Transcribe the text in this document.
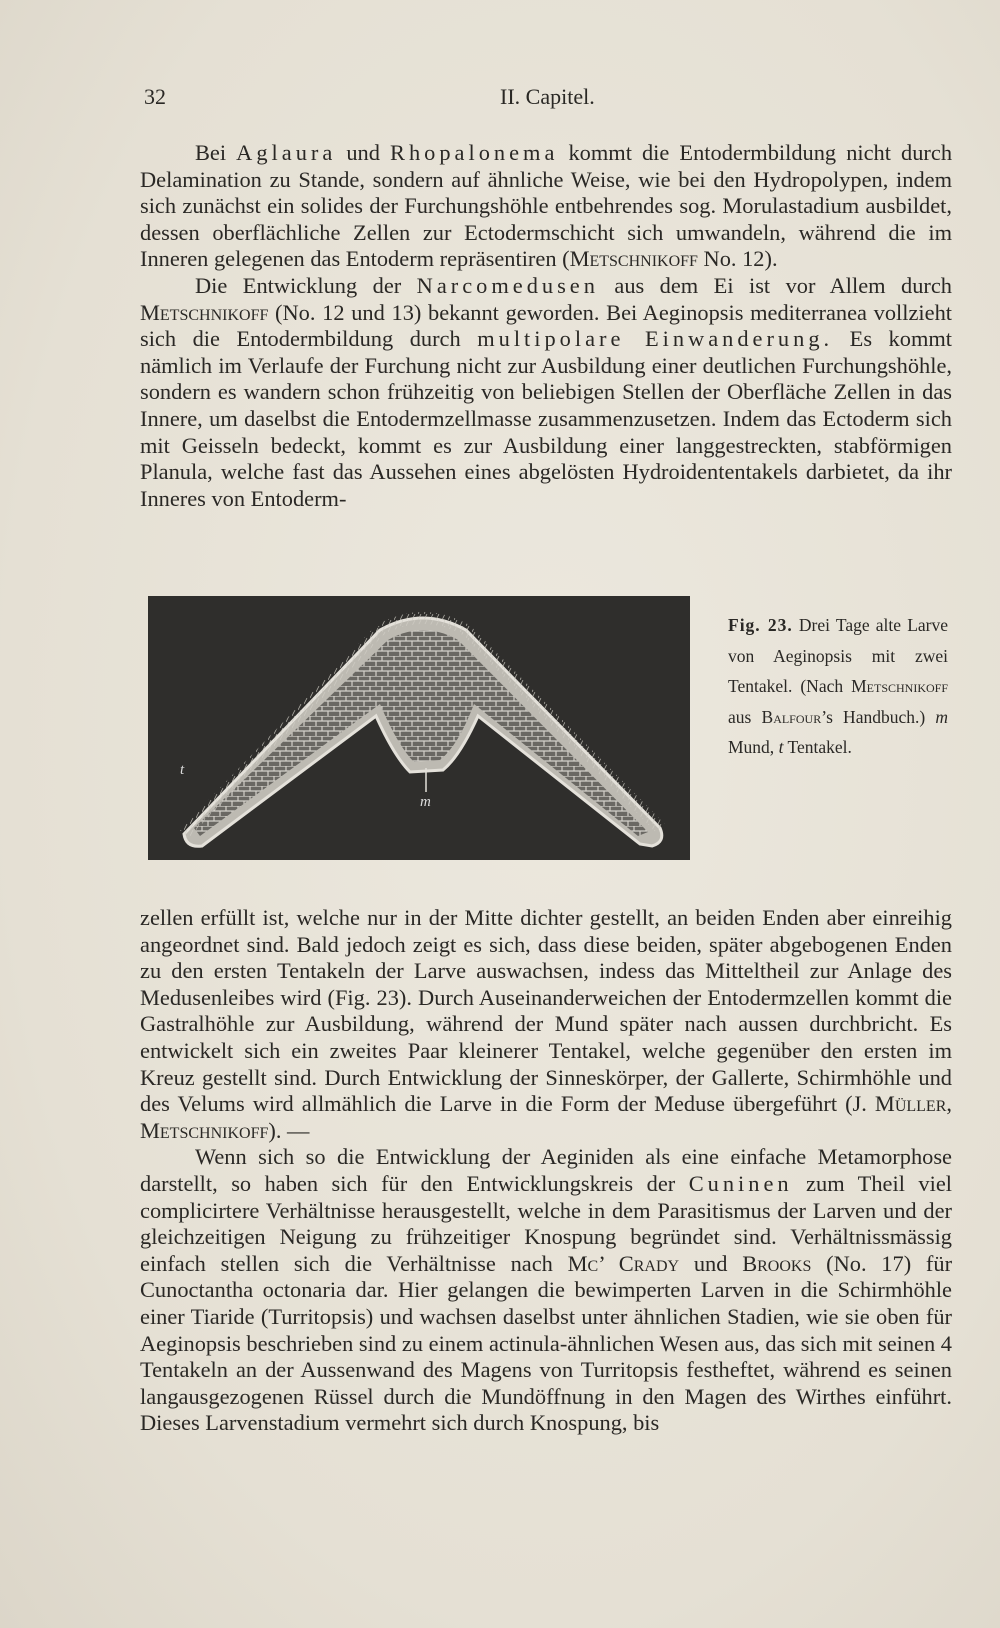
32	II. Capitel.

Bei Aglaura und Rhopalonema kommt die Entodermbildung nicht durch Delamination zu Stande, sondern auf ähnliche Weise, wie bei den Hydropolypen, indem sich zunächst ein solides der Furchungshöhle entbehrendes sog. Morulastadium ausbildet, dessen oberflächliche Zellen zur Ectodermschicht sich umwandeln, während die im Inneren gelegenen das Entoderm repräsentiren (Metschnikoff No. 12).

Die Entwicklung der Narcomedusen aus dem Ei ist vor Allem durch Metschnikoff (No. 12 und 13) bekannt geworden. Bei Aeginopsis mediterranea vollzieht sich die Entodermbildung durch multipolare Einwanderung. Es kommt nämlich im Verlaufe der Furchung nicht zur Ausbildung einer deutlichen Furchungshöhle, sondern es wandern schon frühzeitig von beliebigen Stellen der Oberfläche Zellen in das Innere, um daselbst die Entodermzellmasse zusammenzusetzen. Indem das Ectoderm sich mit Geisseln bedeckt, kommt es zur Ausbildung einer langgestreckten, stabförmigen Planula, welche fast das Aussehen eines abgelösten Hydroidententakels darbietet, da ihr Inneres von Entoderm-

m
t
Fig. 23. Drei Tage alte Larve von Aeginopsis mit zwei Tentakel. (Nach Metschnikoff aus Balfour’s Handbuch.) m Mund, t Tentakel.

zellen erfüllt ist, welche nur in der Mitte dichter gestellt, an beiden Enden aber einreihig angeordnet sind. Bald jedoch zeigt es sich, dass diese beiden, später abgebogenen Enden zu den ersten Tentakeln der Larve auswachsen, indess das Mitteltheil zur Anlage des Medusenleibes wird (Fig. 23). Durch Auseinanderweichen der Entodermzellen kommt die Gastralhöhle zur Ausbildung, während der Mund später nach aussen durchbricht. Es entwickelt sich ein zweites Paar kleinerer Tentakel, welche gegenüber den ersten im Kreuz gestellt sind. Durch Entwicklung der Sinneskörper, der Gallerte, Schirmhöhle und des Velums wird allmählich die Larve in die Form der Meduse übergeführt (J. Müller, Metschnikoff). —

Wenn sich so die Entwicklung der Aeginiden als eine einfache Metamorphose darstellt, so haben sich für den Entwicklungskreis der Cuninen zum Theil viel complicirtere Verhältnisse herausgestellt, welche in dem Parasitismus der Larven und der gleichzeitigen Neigung zu frühzeitiger Knospung begründet sind. Verhältnissmässig einfach stellen sich die Verhältnisse nach Mc’ Crady und Brooks (No. 17) für Cunoctantha octonaria dar. Hier gelangen die bewimperten Larven in die Schirmhöhle einer Tiaride (Turritopsis) und wachsen daselbst unter ähnlichen Stadien, wie sie oben für Aeginopsis beschrieben sind zu einem actinula-ähnlichen Wesen aus, das sich mit seinen 4 Tentakeln an der Aussenwand des Magens von Turritopsis festheftet, während es seinen langausgezogenen Rüssel durch die Mundöffnung in den Magen des Wirthes einführt. Dieses Larvenstadium vermehrt sich durch Knospung, bis
